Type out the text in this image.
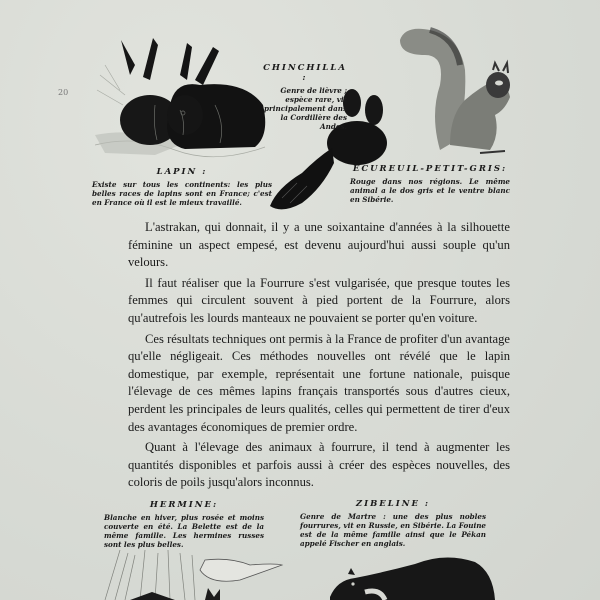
LAPIN :
Existe sur tous les continents: les plus belles races de lapins sont en France; c'est en France où il est le mieux travaillé.
CHINCHILLA :
Genre de lièvre ; espèce rare, vit principalement dans la Cordillère des Andes.
ECUREUIL-PETIT-GRIS:
Rouge dans nos régions. Le même animal a le dos gris et le ventre blanc en Sibérie.
HERMINE:
Blanche en hiver, plus rosée et moins couverte en été. La Belette est de la même famille. Les hermines russes sont les plus belles.
ZIBELINE :
Genre de Martre : une des plus nobles fourrures, vit en Russie, en Sibérie. La Fouine est de la même famille ainsi que le Pékan appelé Fischer en anglais.

L'astrakan, qui donnait, il y a une soixantaine d'années à la silhouette féminine un aspect empesé, est devenu aujourd'hui aussi souple qu'un velours.

Il faut réaliser que la Fourrure s'est vulgarisée, que presque toutes les femmes qui circulent souvent à pied portent de la Fourrure, alors qu'autrefois les lourds manteaux ne pouvaient se porter qu'en voiture.

Ces résultats techniques ont permis à la France de profiter d'un avantage qu'elle négligeait. Ces méthodes nouvelles ont révélé que le lapin domestique, par exemple, représentait une fortune nationale, puisque l'élevage de ces mêmes lapins français transportés sous d'autres cieux, perdent les principales de leurs qualités, celles qui permettent de tirer d'eux des avantages économiques de premier ordre.

Quant à l'élevage des animaux à fourrure, il tend à augmenter les quantités disponibles et parfois aussi à créer des espèces nouvelles, des coloris de poils jusqu'alors inconnus.

20
